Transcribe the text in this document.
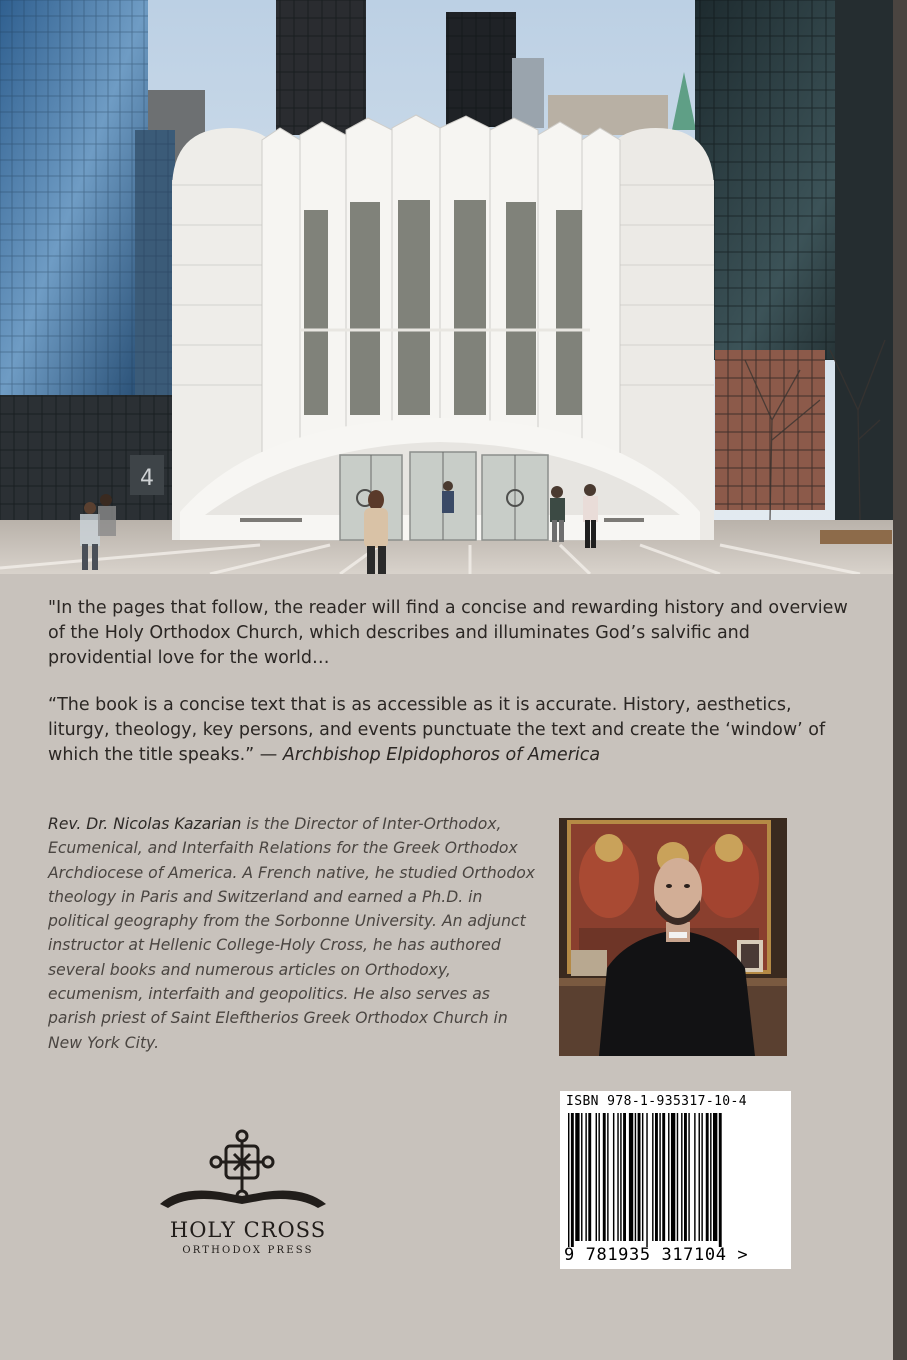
4

"In the pages that follow, the reader will find a concise and rewarding history and overview of the Holy Orthodox Church, which describes and illuminates God’s salvific and providential love for the world…

“The book is a concise text that is as accessible as it is accurate. History, aesthetics, liturgy, theology, key persons, and events punctuate the text and create the ‘window’ of which the title speaks.” — Archbishop Elpidophoros of America

Rev. Dr. Nicolas Kazarian is the Director of Inter-Orthodox, Ecumenical, and Interfaith Relations for the Greek Orthodox Archdiocese of America. A French native, he studied Orthodox theology in Paris and Switzerland and earned a Ph.D. in political geography from the Sorbonne University. An adjunct instructor at Hellenic College-Holy Cross, he has authored several books and numerous articles on Orthodoxy, ecumenism, interfaith and geopolitics. He also serves as parish priest of Saint Eleftherios Greek Orthodox Church in New York City.

HOLY CROSS
ORTHODOX PRESS
ISBN 978-1-935317-10-4
9 781935 317104 >
